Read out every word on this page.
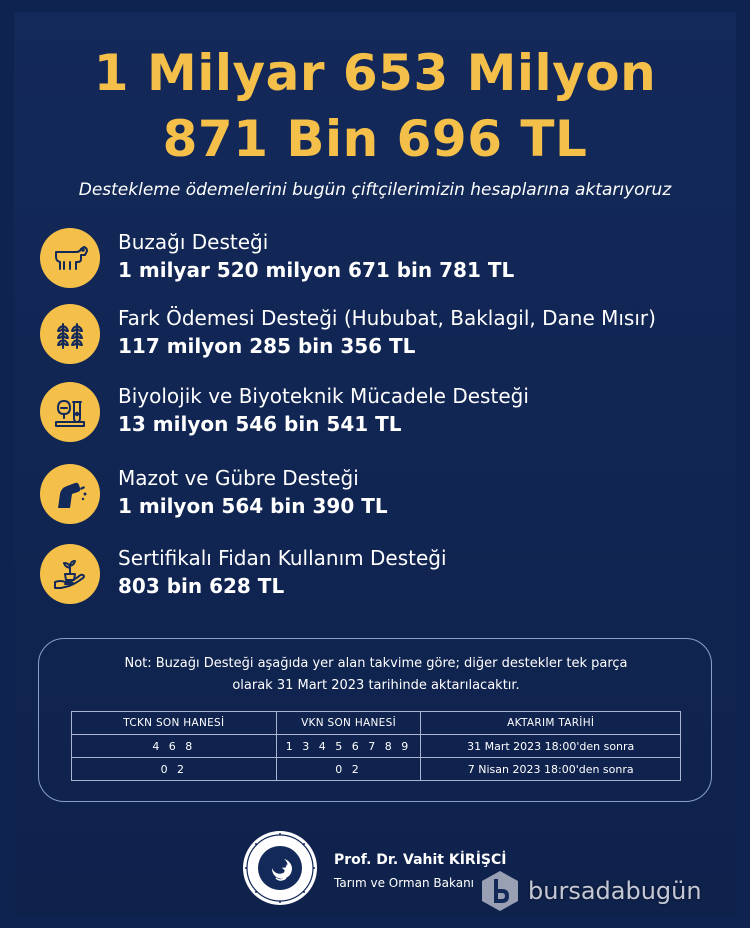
1 Milyar 653 Milyon
871 Bin 696 TL
Destekleme ödemelerini bugün çiftçilerimizin hesaplarına aktarıyoruz
Buzağı Desteği
1 milyar 520 milyon 671 bin 781 TL
Fark Ödemesi Desteği (Hububat, Baklagil, Dane Mısır)
117 milyon 285 bin 356 TL
Biyolojik ve Biyoteknik Mücadele Desteği
13 milyon 546 bin 541 TL
Mazot ve Gübre Desteği
1 milyon 564 bin 390 TL
Sertifikalı Fidan Kullanım Desteği
803 bin 628 TL
Not: Buzağı Desteği aşağıda yer alan takvime göre; diğer destekler tek parça
olarak 31 Mart 2023 tarihinde aktarılacaktır.
TCKN SON HANESİ	VKN SON HANESİ	AKTARIM TARİHİ
4 6 8	1 3 4 5 6 7 8 9	31 Mart 2023 18:00'den sonra
0 2	0 2	7 Nisan 2023 18:00'den sonra
Prof. Dr. Vahit KİRİŞCİ
Tarım ve Orman Bakanı bursadabugün
